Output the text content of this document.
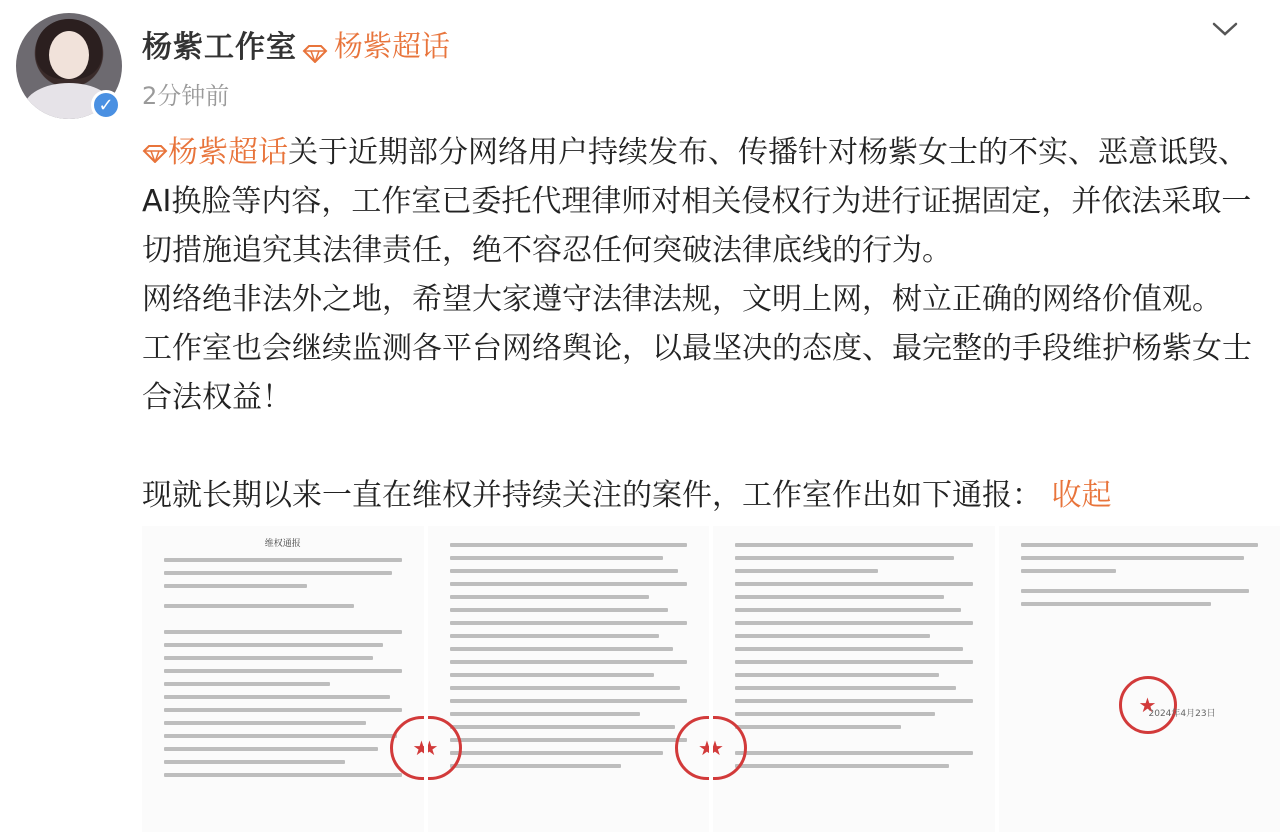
✓
杨紫工作室 杨紫超话
2分钟前

杨紫超话关于近期部分网络用户持续发布、传播针对杨紫女士的不实、恶意诋毁、AI换脸等内容，工作室已委托代理律师对相关侵权行为进行证据固定，并依法采取一切措施追究其法律责任，绝不容忍任何突破法律底线的行为。

网络绝非法外之地，希望大家遵守法律法规，文明上网，树立正确的网络价值观。

工作室也会继续监测各平台网络舆论，以最坚决的态度、最完整的手段维护杨紫女士合法权益！

现就长期以来一直在维权并持续关注的案件，工作室作出如下通报： 收起
维权通报
★
★
★
★
★
2024年4月23日
